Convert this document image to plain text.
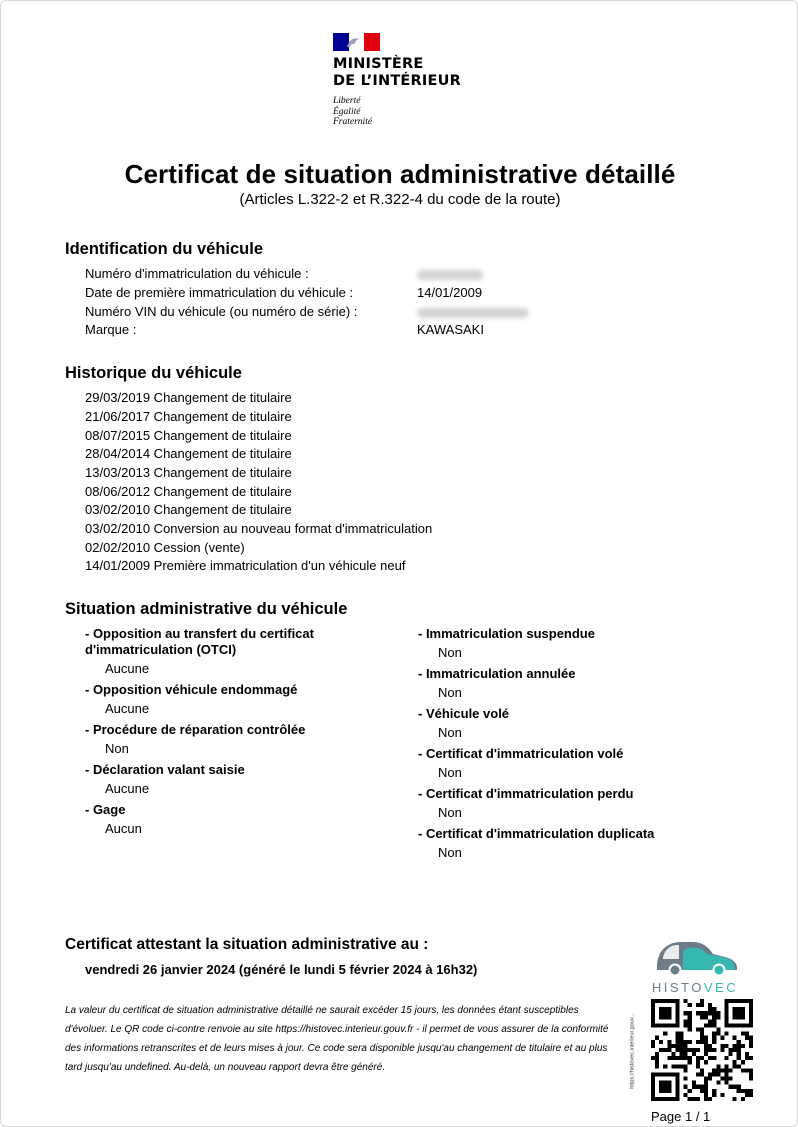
MINISTÈRE
DE L’INTÉRIEUR
Liberté
Égalité
Fraternité
Certificat de situation administrative détaillé
(Articles L.322-2 et R.322-4 du code de la route)
Identification du véhicule
Numéro d'immatriculation du véhicule :
Date de première immatriculation du véhicule :	14/01/2009
Numéro VIN du véhicule (ou numéro de série) :
Marque :	KAWASAKI
Historique du véhicule
29/03/2019 Changement de titulaire
21/06/2017 Changement de titulaire
08/07/2015 Changement de titulaire
28/04/2014 Changement de titulaire
13/03/2013 Changement de titulaire
08/06/2012 Changement de titulaire
03/02/2010 Changement de titulaire
03/02/2010 Conversion au nouveau format d'immatriculation
02/02/2010 Cession (vente)
14/01/2009 Première immatriculation d'un véhicule neuf
Situation administrative du véhicule
- Opposition au transfert du certificat d'immatriculation (OTCI)
Aucune
- Opposition véhicule endommagé
Aucune
- Procédure de réparation contrôlée
Non
- Déclaration valant saisie
Aucune
- Gage
Aucun
- Immatriculation suspendue
Non
- Immatriculation annulée
Non
- Véhicule volé
Non
- Certificat d'immatriculation volé
Non
- Certificat d'immatriculation perdu
Non
- Certificat d'immatriculation duplicata
Non
Certificat attestant la situation administrative au :
vendredi 26 janvier 2024 (généré le lundi 5 février 2024 à 16h32)
La valeur du certificat de situation administrative détaillé ne saurait excéder 15 jours, les données étant susceptibles d'évoluer. Le QR code ci-contre renvoie au site https://histovec.interieur.gouv.fr - il permet de vous assurer de la conformité des informations retranscrites et de leurs mises à jour. Ce code sera disponible jusqu'au changement de titulaire et au plus tard jusqu'au undefined. Au-delà, un nouveau rapport devra être généré.
HISTOVEC
https://histovec.interieur.gouv...
Page 1 / 1
